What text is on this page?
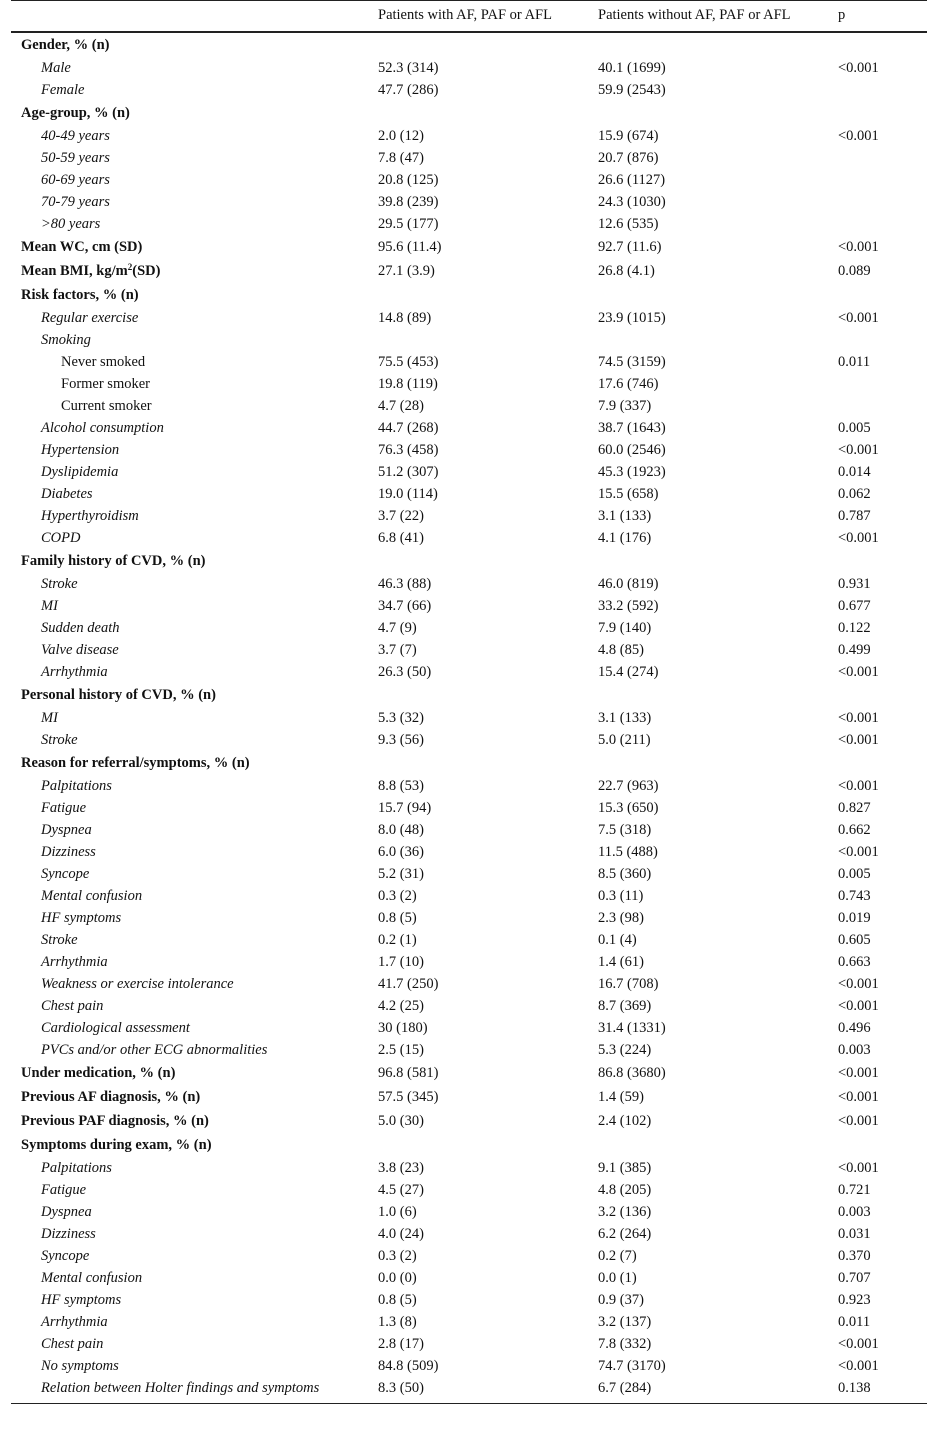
	Patients with AF, PAF or AFL	Patients without AF, PAF or AFL	p
Gender, % (n)			
Male	52.3 (314)	40.1 (1699)	<0.001
Female	47.7 (286)	59.9 (2543)	
Age-group, % (n)			
40-49 years	2.0 (12)	15.9 (674)	<0.001
50-59 years	7.8 (47)	20.7 (876)	
60-69 years	20.8 (125)	26.6 (1127)	
70-79 years	39.8 (239)	24.3 (1030)	
>80 years	29.5 (177)	12.6 (535)	
Mean WC, cm (SD)	95.6 (11.4)	92.7 (11.6)	<0.001
Mean BMI, $kg/m^2(SD)$	27.1 (3.9)	26.8 (4.1)	0.089
Risk factors, % (n)			
Regular exercise	14.8 (89)	23.9 (1015)	<0.001
Smoking			
Never smoked	75.5 (453)	74.5 (3159)	0.011
Former smoker	19.8 (119)	17.6 (746)	
Current smoker	4.7 (28)	7.9 (337)	
Alcohol consumption	44.7 (268)	38.7 (1643)	0.005
Hypertension	76.3 (458)	60.0 (2546)	<0.001
Dyslipidemia	51.2 (307)	45.3 (1923)	0.014
Diabetes	19.0 (114)	15.5 (658)	0.062
Hyperthyroidism	3.7 (22)	3.1 (133)	0.787
COPD	6.8 (41)	4.1 (176)	<0.001
Family history of CVD, % (n)			
Stroke	46.3 (88)	46.0 (819)	0.931
MI	34.7 (66)	33.2 (592)	0.677
Sudden death	4.7 (9)	7.9 (140)	0.122
Valve disease	3.7 (7)	4.8 (85)	0.499
Arrhythmia	26.3 (50)	15.4 (274)	<0.001
Personal history of CVD, % (n)			
MI	5.3 (32)	3.1 (133)	<0.001
Stroke	9.3 (56)	5.0 (211)	<0.001
Reason for referral/symptoms, % (n)			
Palpitations	8.8 (53)	22.7 (963)	<0.001
Fatigue	15.7 (94)	15.3 (650)	0.827
Dyspnea	8.0 (48)	7.5 (318)	0.662
Dizziness	6.0 (36)	11.5 (488)	<0.001
Syncope	5.2 (31)	8.5 (360)	0.005
Mental confusion	0.3 (2)	0.3 (11)	0.743
HF symptoms	0.8 (5)	2.3 (98)	0.019
Stroke	0.2 (1)	0.1 (4)	0.605
Arrhythmia	1.7 (10)	1.4 (61)	0.663
Weakness or exercise intolerance	41.7 (250)	16.7 (708)	<0.001
Chest pain	4.2 (25)	8.7 (369)	<0.001
Cardiological assessment	30 (180)	31.4 (1331)	0.496
PVCs and/or other ECG abnormalities	2.5 (15)	5.3 (224)	0.003
Under medication, % (n)	96.8 (581)	86.8 (3680)	<0.001
Previous AF diagnosis, % (n)	57.5 (345)	1.4 (59)	<0.001
Previous PAF diagnosis, % (n)	5.0 (30)	2.4 (102)	<0.001
Symptoms during exam, % (n)			
Palpitations	3.8 (23)	9.1 (385)	<0.001
Fatigue	4.5 (27)	4.8 (205)	0.721
Dyspnea	1.0 (6)	3.2 (136)	0.003
Dizziness	4.0 (24)	6.2 (264)	0.031
Syncope	0.3 (2)	0.2 (7)	0.370
Mental confusion	0.0 (0)	0.0 (1)	0.707
HF symptoms	0.8 (5)	0.9 (37)	0.923
Arrhythmia	1.3 (8)	3.2 (137)	0.011
Chest pain	2.8 (17)	7.8 (332)	<0.001
No symptoms	84.8 (509)	74.7 (3170)	<0.001
Relation between Holter findings and symptoms	8.3 (50)	6.7 (284)	0.138
